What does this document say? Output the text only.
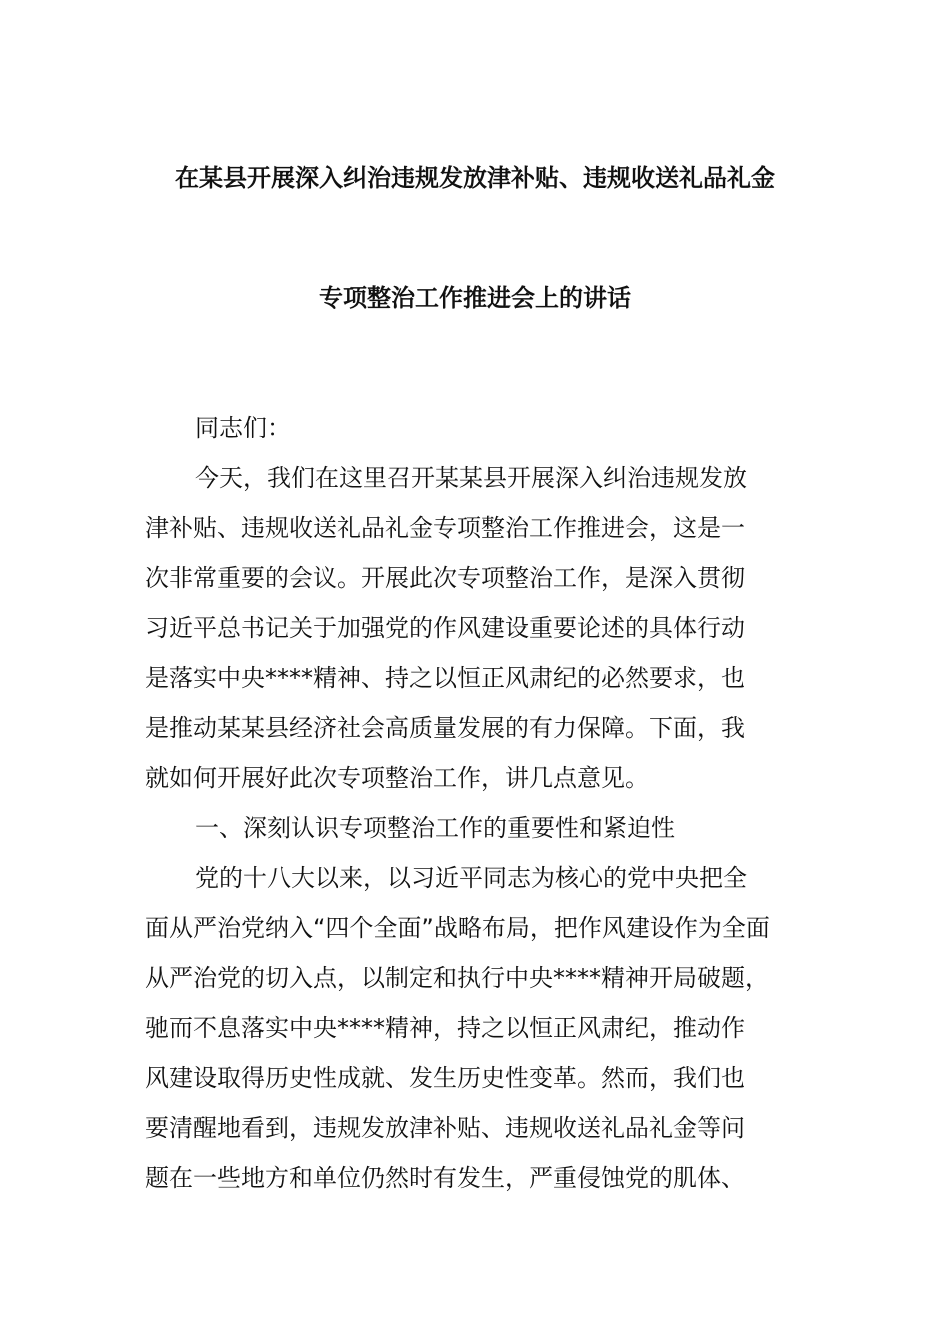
在某县开展深入纠治违规发放津补贴、违规收送礼品礼金
专项整治工作推进会上的讲话
同志们：
今天，我们在这里召开某某县开展深入纠治违规发放
津补贴、违规收送礼品礼金专项整治工作推进会，这是一
次非常重要的会议。开展此次专项整治工作，是深入贯彻
习近平总书记关于加强党的作风建设重要论述的具体行动
是落实中央****精神、持之以恒正风肃纪的必然要求，也
是推动某某县经济社会高质量发展的有力保障。下面，我
就如何开展好此次专项整治工作，讲几点意见。
一、深刻认识专项整治工作的重要性和紧迫性
党的十八大以来，以习近平同志为核心的党中央把全
面从严治党纳入“四个全面”战略布局，把作风建设作为全面
从严治党的切入点，以制定和执行中央****精神开局破题，
驰而不息落实中央****精神，持之以恒正风肃纪，推动作
风建设取得历史性成就、发生历史性变革。然而，我们也
要清醒地看到，违规发放津补贴、违规收送礼品礼金等问
题在一些地方和单位仍然时有发生，严重侵蚀党的肌体、
